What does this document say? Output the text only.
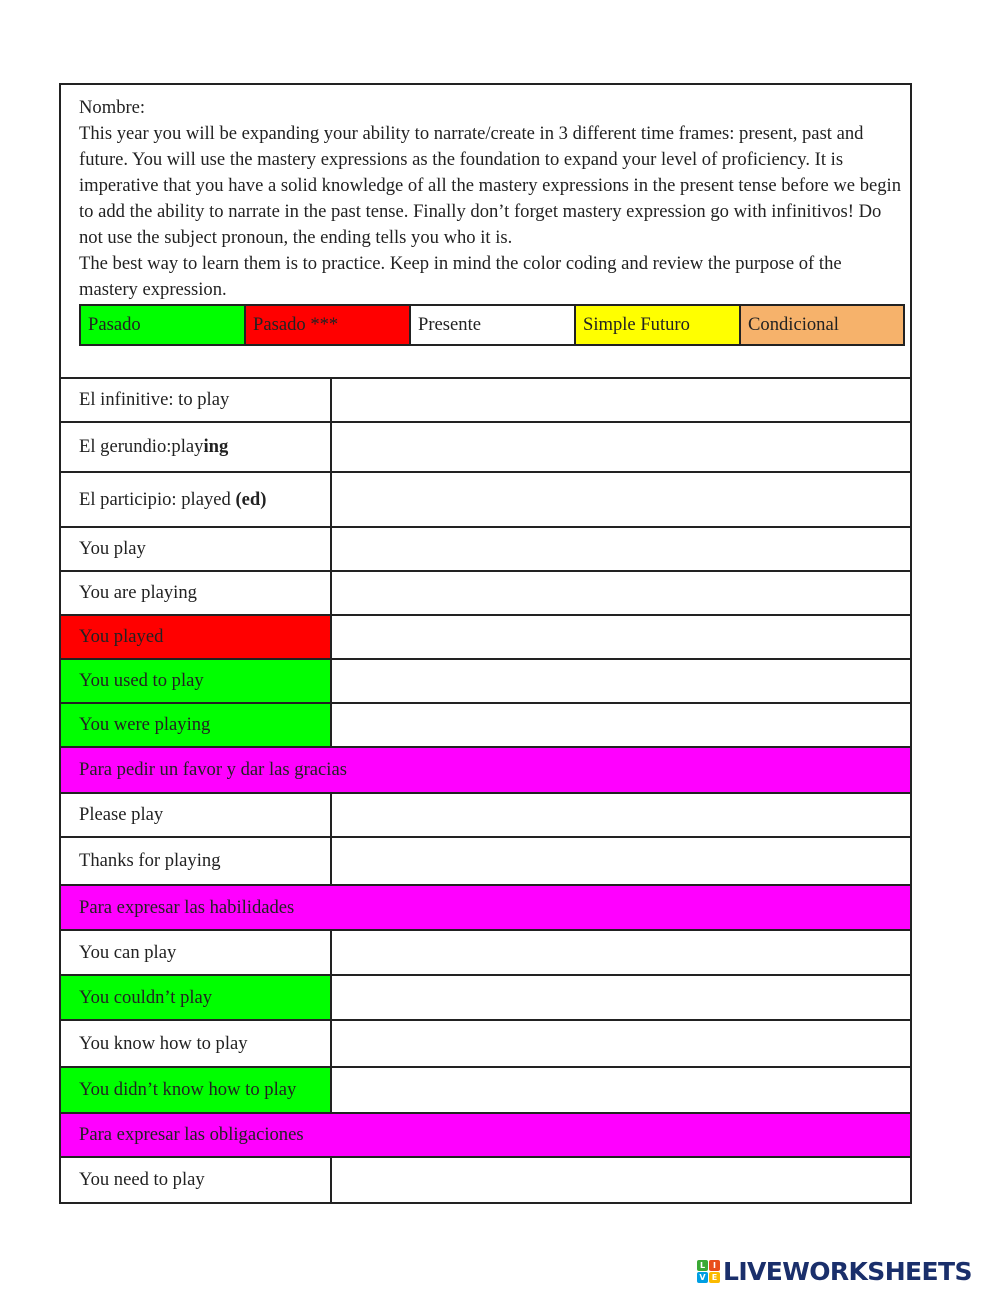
Nombre:

This year you will be expanding your ability to narrate/create in 3 different time frames: present, past and future. You will use the mastery expressions as the foundation to expand your level of proficiency. It is imperative that you have a solid knowledge of all the mastery expressions in the present tense before we begin to add the ability to narrate in the past tense. Finally don’t forget mastery expression go with infinitivos! Do not use the subject pronoun, the ending tells you who it is.

The best way to learn them is to practice. Keep in mind the color coding and review the purpose of the mastery expression.

Pasado	Pasado ***	Presente	Simple Futuro	Condicional
El infinitive: to play
El gerundio:play ing
El participio: played (ed)
You play
You are playing
You played
You used to play
You were playing
Para pedir un favor y dar las gracias
Please play
Thanks for playing
Para expresar las habilidades
You can play
You couldn’t play
You know how to play
You didn’t know how to play
Para expresar las obligaciones
You need to play
L I
V E LIVEWORKSHEETS
